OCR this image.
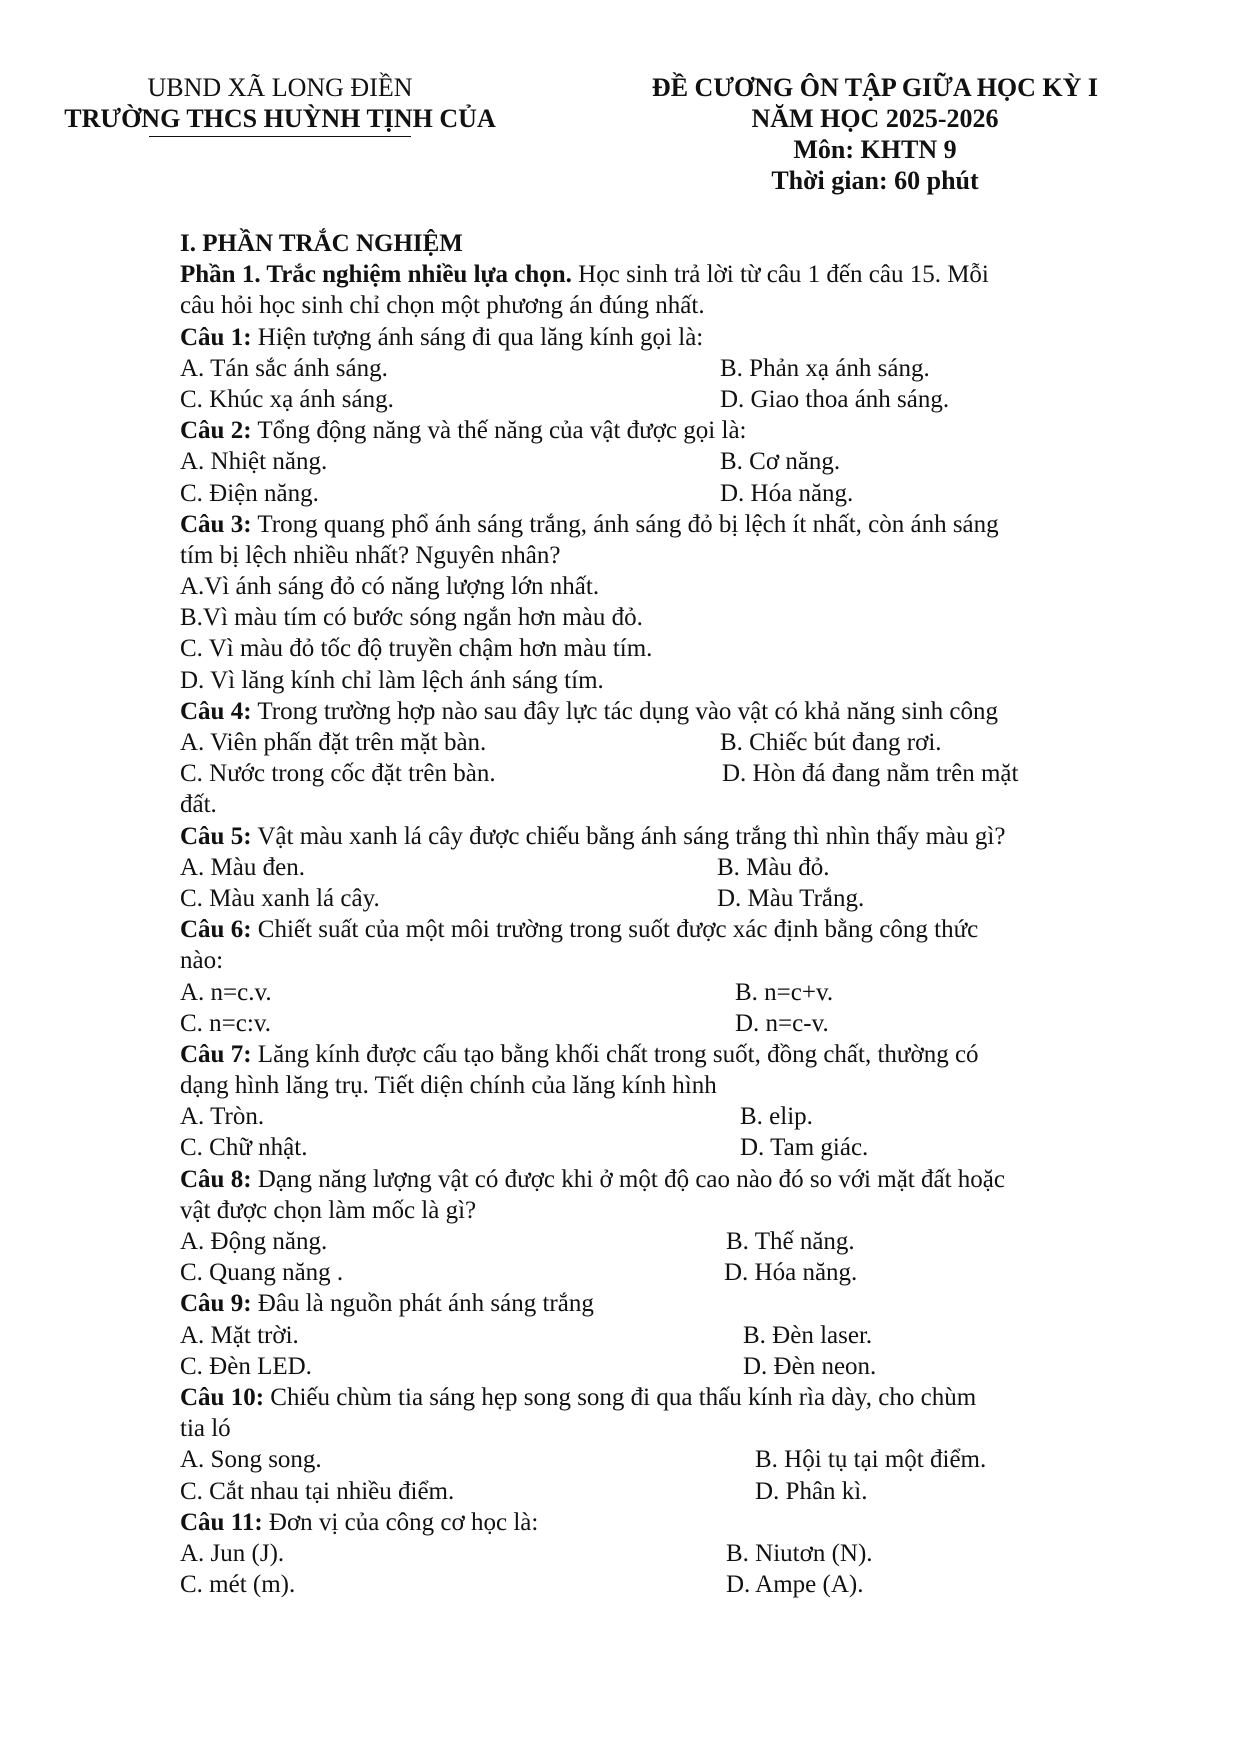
UBND XÃ LONG ĐIỀN
TRƯỜNG THCS HUỲNH TỊNH CỦA
ĐỀ CƯƠNG ÔN TẬP GIỮA HỌC KỲ I
NĂM HỌC 2025-2026
Môn: KHTN 9
Thời gian: 60 phút
I. PHẦN TRẮC NGHIỆM
Phần 1. Trắc nghiệm nhiều lựa chọn. Học sinh trả lời từ câu 1 đến câu 15. Mỗi
câu hỏi học sinh chỉ chọn một phương án đúng nhất.
Câu 1: Hiện tượng ánh sáng đi qua lăng kính gọi là:
A. Tán sắc ánh sáng.	B. Phản xạ ánh sáng.
C. Khúc xạ ánh sáng.	D. Giao thoa ánh sáng.
Câu 2: Tổng động năng và thế năng của vật được gọi là:
A. Nhiệt năng.	B. Cơ năng.
C. Điện năng.	D. Hóa năng.
Câu 3: Trong quang phổ ánh sáng trắng, ánh sáng đỏ bị lệch ít nhất, còn ánh sáng
tím bị lệch nhiều nhất? Nguyên nhân?
A.Vì ánh sáng đỏ có năng lượng lớn nhất.
B.Vì màu tím có bước sóng ngắn hơn màu đỏ.
C. Vì màu đỏ tốc độ truyền chậm hơn màu tím.
D. Vì lăng kính chỉ làm lệch ánh sáng tím.
Câu 4: Trong trường hợp nào sau đây lực tác dụng vào vật có khả năng sinh công
A. Viên phấn đặt trên mặt bàn.	B. Chiếc bút đang rơi.
C. Nước trong cốc đặt trên bàn.	D. Hòn đá đang nằm trên mặt
đất.
Câu 5: Vật màu xanh lá cây được chiếu bằng ánh sáng trắng thì nhìn thấy màu gì?
A. Màu đen.	B. Màu đỏ.
C. Màu xanh lá cây.	D. Màu Trắng.
Câu 6: Chiết suất của một môi trường trong suốt được xác định bằng công thức
nào:
A. n=c.v.	B. n=c+v.
C. n=c:v.	D. n=c-v.
Câu 7: Lăng kính được cấu tạo bằng khối chất trong suốt, đồng chất, thường có
dạng hình lăng trụ. Tiết diện chính của lăng kính hình
A. Tròn.	B. elip.
C. Chữ nhật.	D. Tam giác.
Câu 8: Dạng năng lượng vật có được khi ở một độ cao nào đó so với mặt đất hoặc
vật được chọn làm mốc là gì?
A. Động năng.	B. Thế năng.
C. Quang năng .	D. Hóa năng.
Câu 9: Đâu là nguồn phát ánh sáng trắng
A. Mặt trời.	B. Đèn laser.
C. Đèn LED.	D. Đèn neon.
Câu 10: Chiếu chùm tia sáng hẹp song song đi qua thấu kính rìa dày, cho chùm
tia ló
A. Song song.	B. Hội tụ tại một điểm.
C. Cắt nhau tại nhiều điểm.	D. Phân kì.
Câu 11: Đơn vị của công cơ học là:
A. Jun (J).	B. Niutơn (N).
C. mét (m).	D. Ampe (A).
